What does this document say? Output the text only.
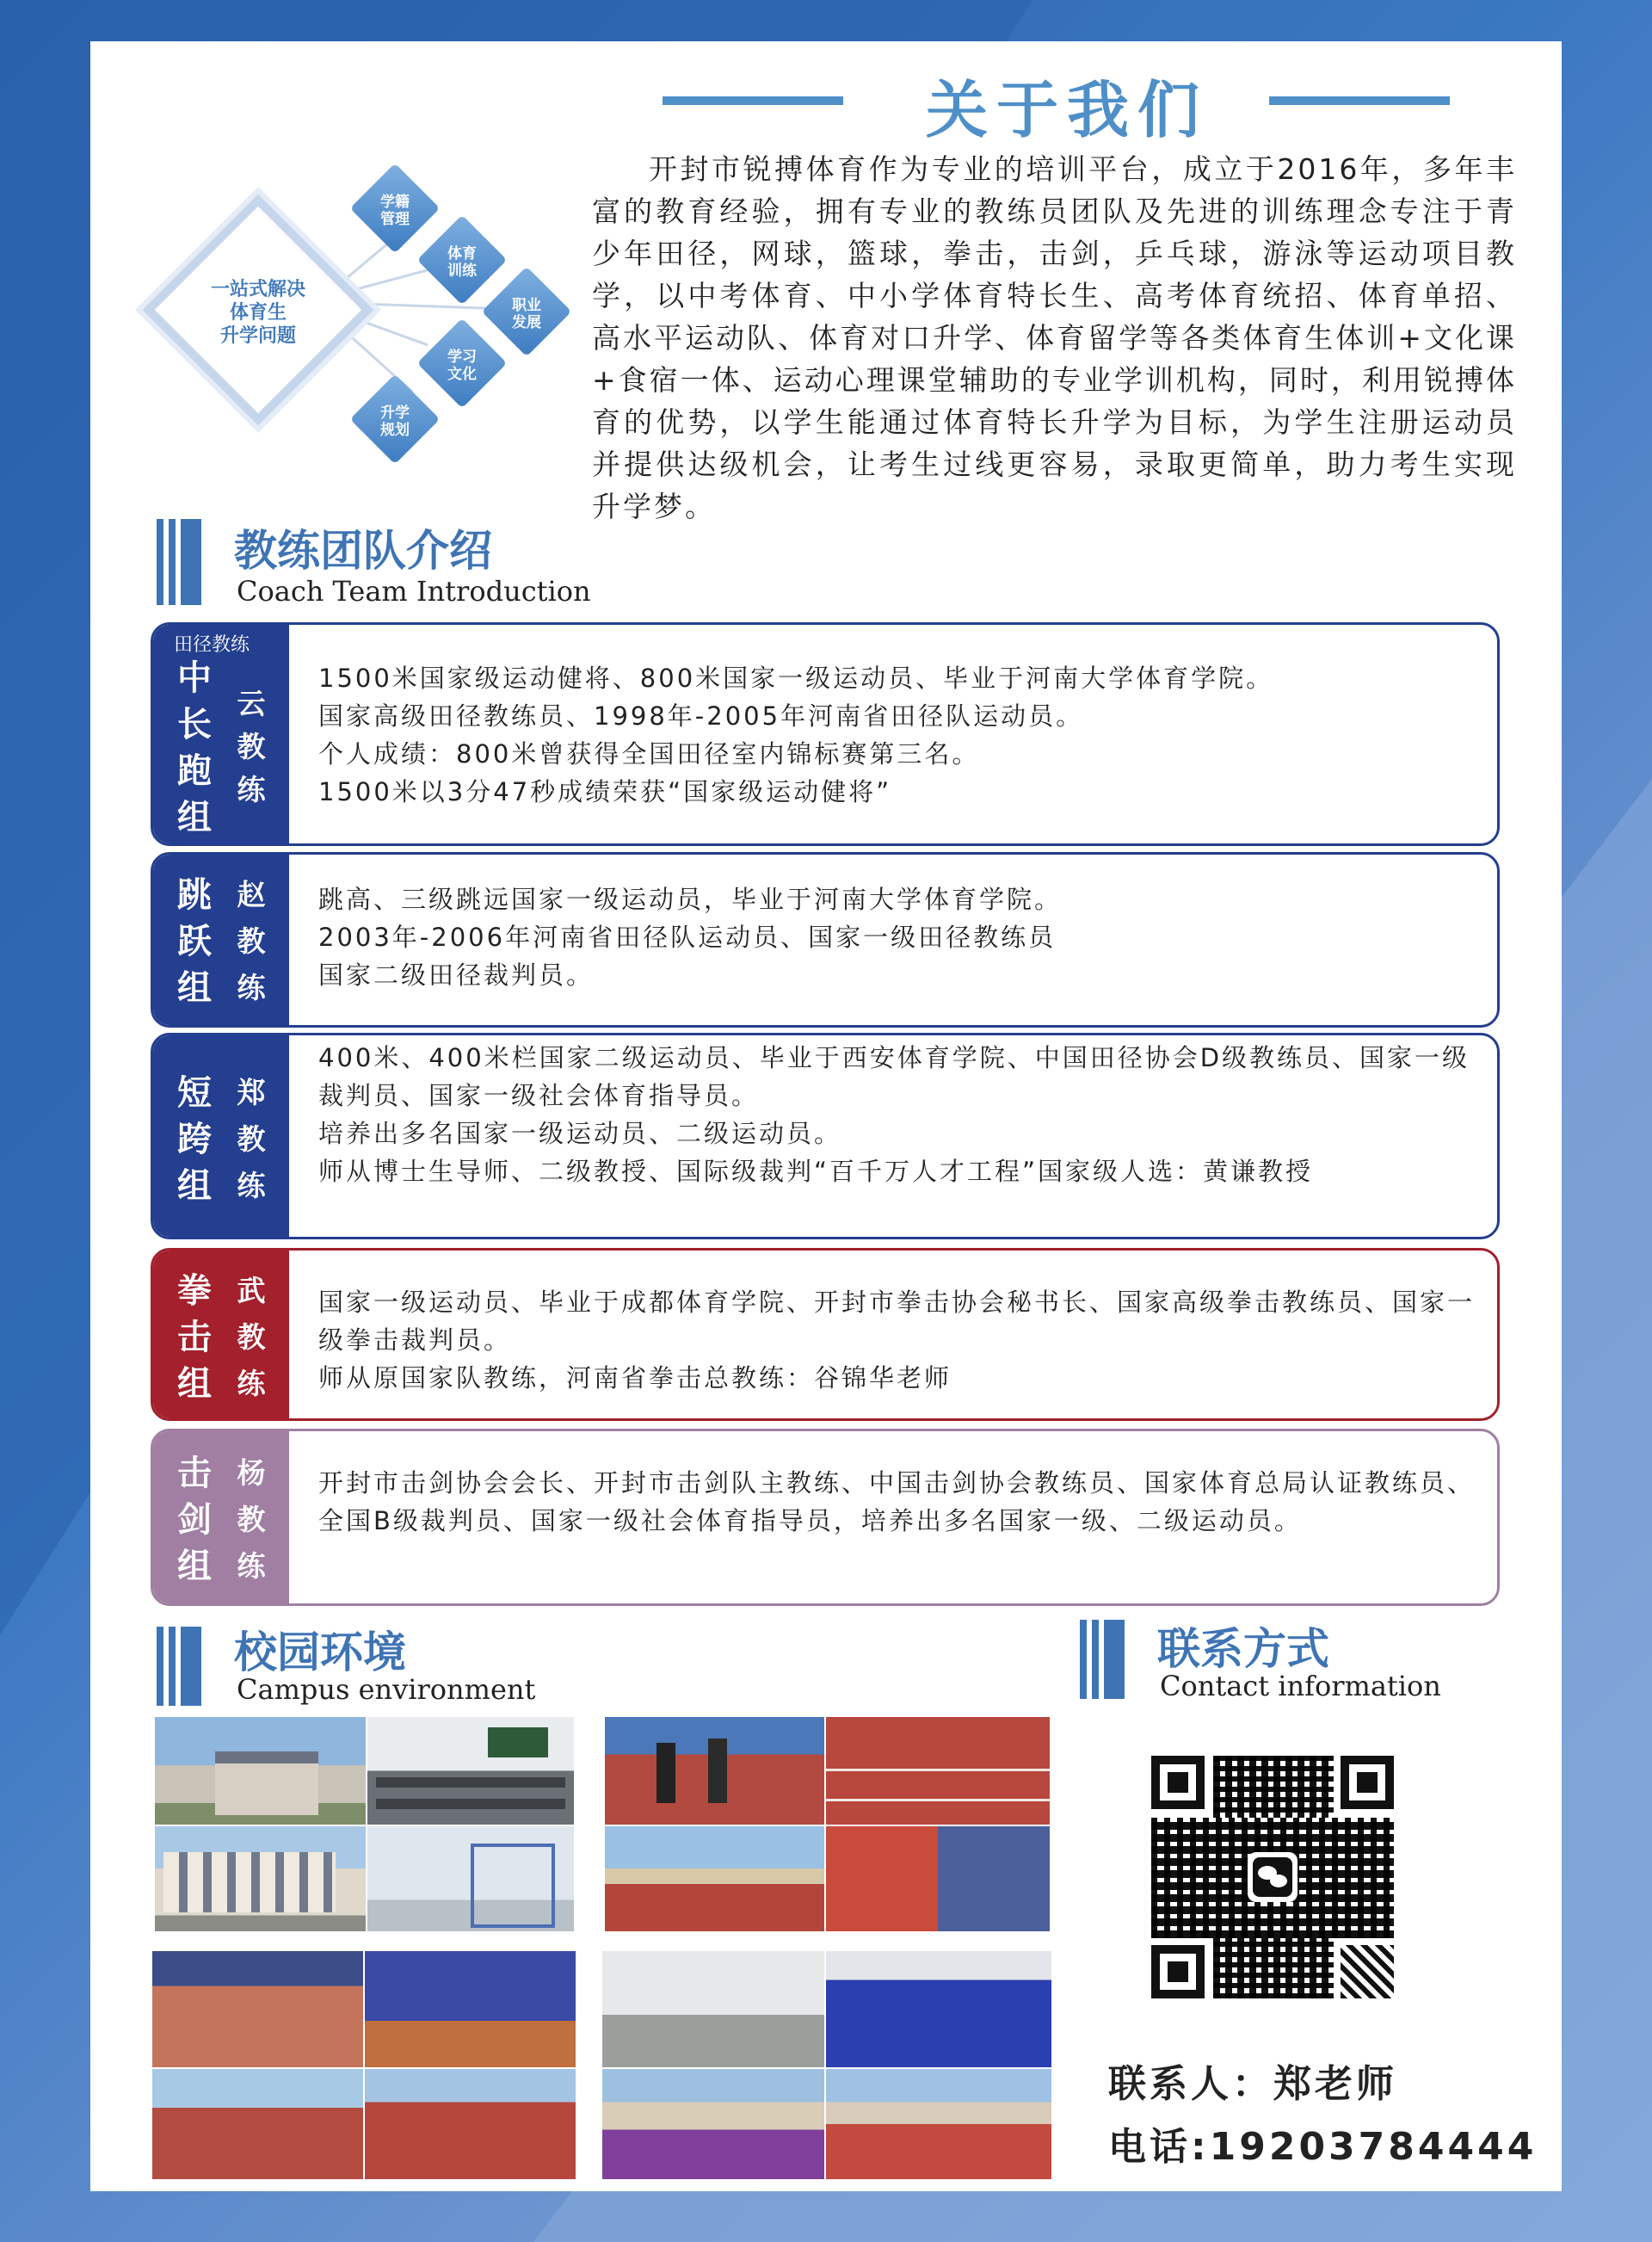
关于我们
开封市锐搏体育作为专业的培训平台，成立于2016年，多年丰富的教育经验，拥有专业的教练员团队及先进的训练理念专注于青少年田径，网球，篮球，拳击，击剑，乒乓球，游泳等运动项目教学，以中考体育、中小学体育特长生、高考体育统招、体育单招、高水平运动队、体育对口升学、体育留学等各类体育生体训+文化课+食宿一体、运动心理课堂辅助的专业学训机构，同时，利用锐搏体育的优势，以学生能通过体育特长升学为目标，为学生注册运动员并提供达级机会，让考生过线更容易，录取更简单，助力考生实现升学梦。
一站式解决
体育生
升学问题
学籍
管理
体育
训练
职业
发展
学习
文化
升学
规划
教练团队介绍
Coach Team Introduction
田径教练
中
长
跑
组
云
教
练
1500米国家级运动健将、800米国家一级运动员、毕业于河南大学体育学院。
国家高级田径教练员、1998年-2005年河南省田径队运动员。
个人成绩：800米曾获得全国田径室内锦标赛第三名。
1500米以3分47秒成绩荣获“国家级运动健将”
跳
跃
组
赵
教
练
跳高、三级跳远国家一级运动员，毕业于河南大学体育学院。
2003年-2006年河南省田径队运动员、国家一级田径教练员
国家二级田径裁判员。
短
跨
组
郑
教
练
400米、400米栏国家二级运动员、毕业于西安体育学院、中国田径协会D级教练员、国家一级裁判员、国家一级社会体育指导员。
培养出多名国家一级运动员、二级运动员。
师从博士生导师、二级教授、国际级裁判“百千万人才工程”国家级人选：黄谦教授
拳
击
组
武
教
练
国家一级运动员、毕业于成都体育学院、开封市拳击协会秘书长、国家高级拳击教练员、国家一级拳击裁判员。
师从原国家队教练，河南省拳击总教练：谷锦华老师
击
剑
组
杨
教
练
开封市击剑协会会长、开封市击剑队主教练、中国击剑协会教练员、国家体育总局认证教练员、全国B级裁判员、国家一级社会体育指导员，培养出多名国家一级、二级运动员。
校园环境
Campus environment
联系方式
Contact information
联系人：郑老师
电话:19203784444
